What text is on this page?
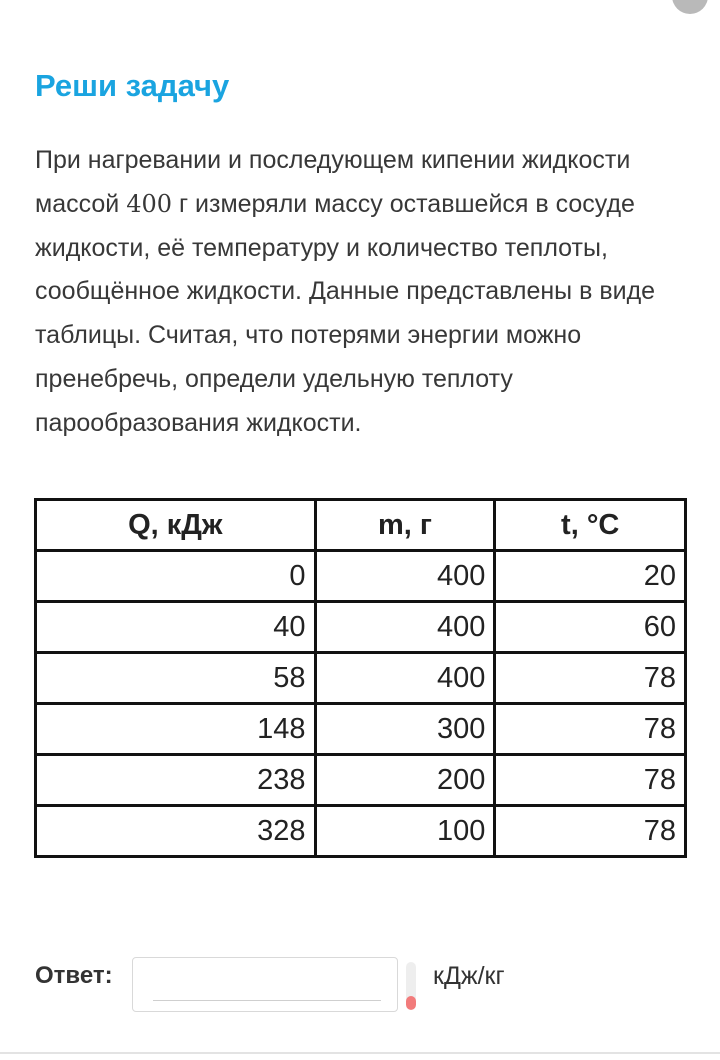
Реши задачу

При нагревании и последующем кипении жидкости массой 400 г измеряли массу оставшейся в сосуде жидкости, её температуру и количество теплоты, сообщённое жидкости. Данные представлены в виде таблицы. Считая, что потерями энергии можно пренебречь, определи удельную теплоту парообразования жидкости.

Q, кДж	m, г	t, °C
0	400	20
40	400	60
58	400	78
148	300	78
238	200	78
328	100	78
Ответ:	кДж/кг
